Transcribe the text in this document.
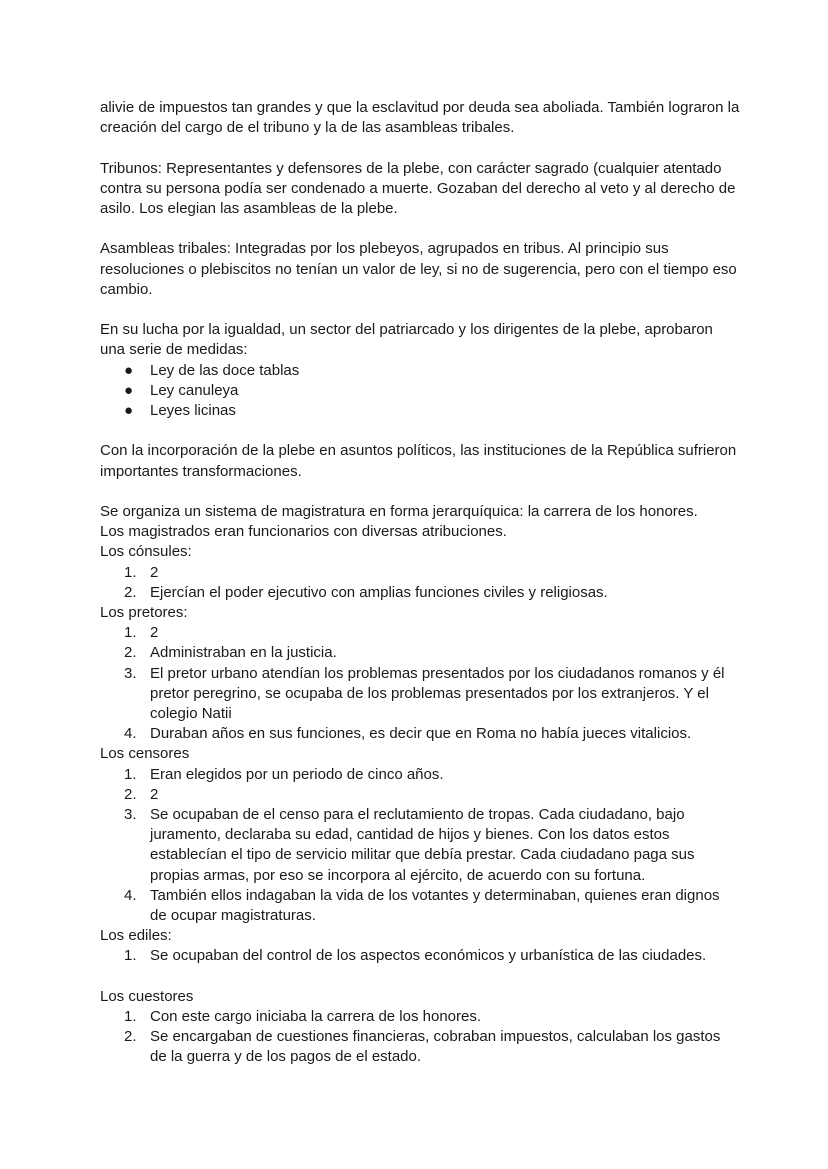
alivie de impuestos tan grandes y que la esclavitud por deuda sea aboliada. También lograron la creación del cargo de el tribuno y la de las asambleas tribales.

Tribunos: Representantes y defensores de la plebe, con carácter sagrado (cualquier atentado contra su persona podía ser condenado a muerte. Gozaban del derecho al veto y al derecho de asilo. Los elegian las asambleas de la plebe.

Asambleas tribales: Integradas por los plebeyos, agrupados en tribus. Al principio sus resoluciones o plebiscitos no tenían un valor de ley, si no de sugerencia, pero con el tiempo eso cambio.

En su lucha por la igualdad, un sector del patriarcado y los dirigentes de la plebe, aprobaron una serie de medidas:

● Ley de las doce tablas
● Ley canuleya
● Leyes licinas

Con la incorporación de la plebe en asuntos políticos, las instituciones de la República sufrieron importantes transformaciones.

Se organiza un sistema de magistratura en forma jerarquíquica: la carrera de los honores.

Los magistrados eran funcionarios con diversas atribuciones.

Los cónsules:

1. 2
2. Ejercían el poder ejecutivo con amplias funciones civiles y religiosas.

Los pretores:

1. 2
2. Administraban en la justicia.
3. El pretor urbano atendían los problemas presentados por los ciudadanos romanos y él pretor peregrino, se ocupaba de los problemas presentados por los extranjeros. Y el colegio Natii
4. Duraban años en sus funciones, es decir que en Roma no había jueces vitalicios.

Los censores

1. Eran elegidos por un periodo de cinco años.
2. 2
3. Se ocupaban de el censo para el reclutamiento de tropas. Cada ciudadano, bajo juramento, declaraba su edad, cantidad de hijos y bienes. Con los datos estos establecían el tipo de servicio militar que debía prestar. Cada ciudadano paga sus propias armas, por eso se incorpora al ejército, de acuerdo con su fortuna.
4. También ellos indagaban la vida de los votantes y determinaban, quienes eran dignos de ocupar magistraturas.

Los ediles:

1. Se ocupaban del control de los aspectos económicos y urbanística de las ciudades.

Los cuestores

1. Con este cargo iniciaba la carrera de los honores.
2. Se encargaban de cuestiones financieras, cobraban impuestos, calculaban los gastos de la guerra y de los pagos de el estado.
